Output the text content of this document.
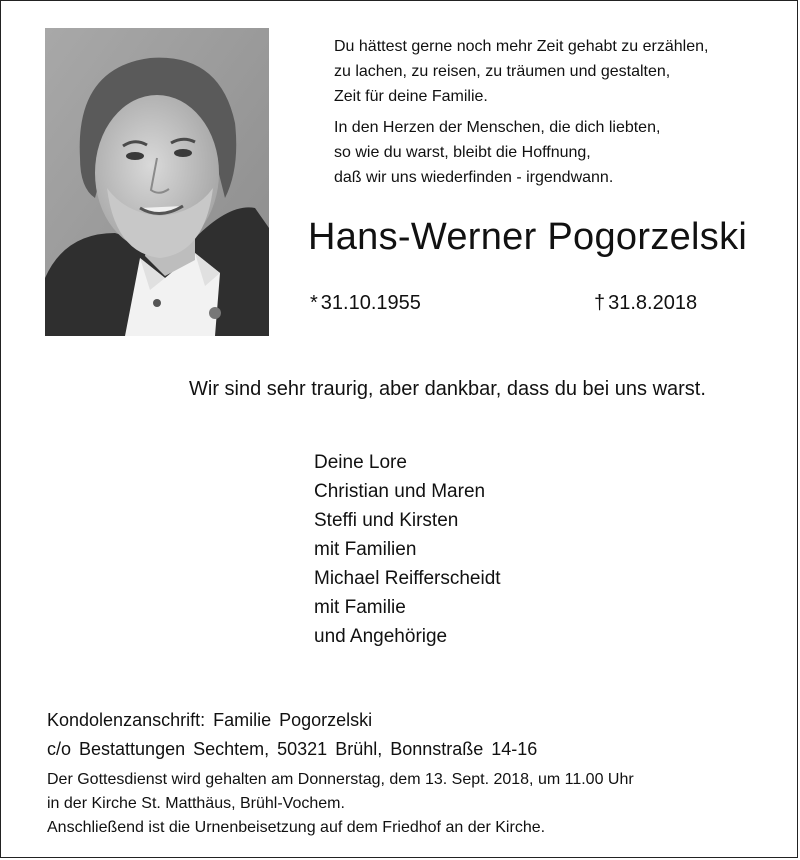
Du hättest gerne noch mehr Zeit gehabt zu erzählen,
zu lachen, zu reisen, zu träumen und gestalten,
Zeit für deine Familie.
In den Herzen der Menschen, die dich liebten,
so wie du warst, bleibt die Hoffnung,
daß wir uns wiederfinden - irgendwann.
Hans-Werner Pogorzelski
* 31.10.1955	† 31.8.2018
Wir sind sehr traurig, aber dankbar, dass du bei uns warst.
Deine Lore
Christian und Maren
Steffi und Kirsten
mit Familien
Michael Reifferscheidt
mit Familie
und Angehörige
Kondolenzanschrift: Familie Pogorzelski
c/o Bestattungen Sechtem, 50321 Brühl, Bonnstraße 14-16
Der Gottesdienst wird gehalten am Donnerstag, dem 13. Sept. 2018, um 11.00 Uhr
in der Kirche St. Matthäus, Brühl-Vochem.
Anschließend ist die Urnenbeisetzung auf dem Friedhof an der Kirche.
